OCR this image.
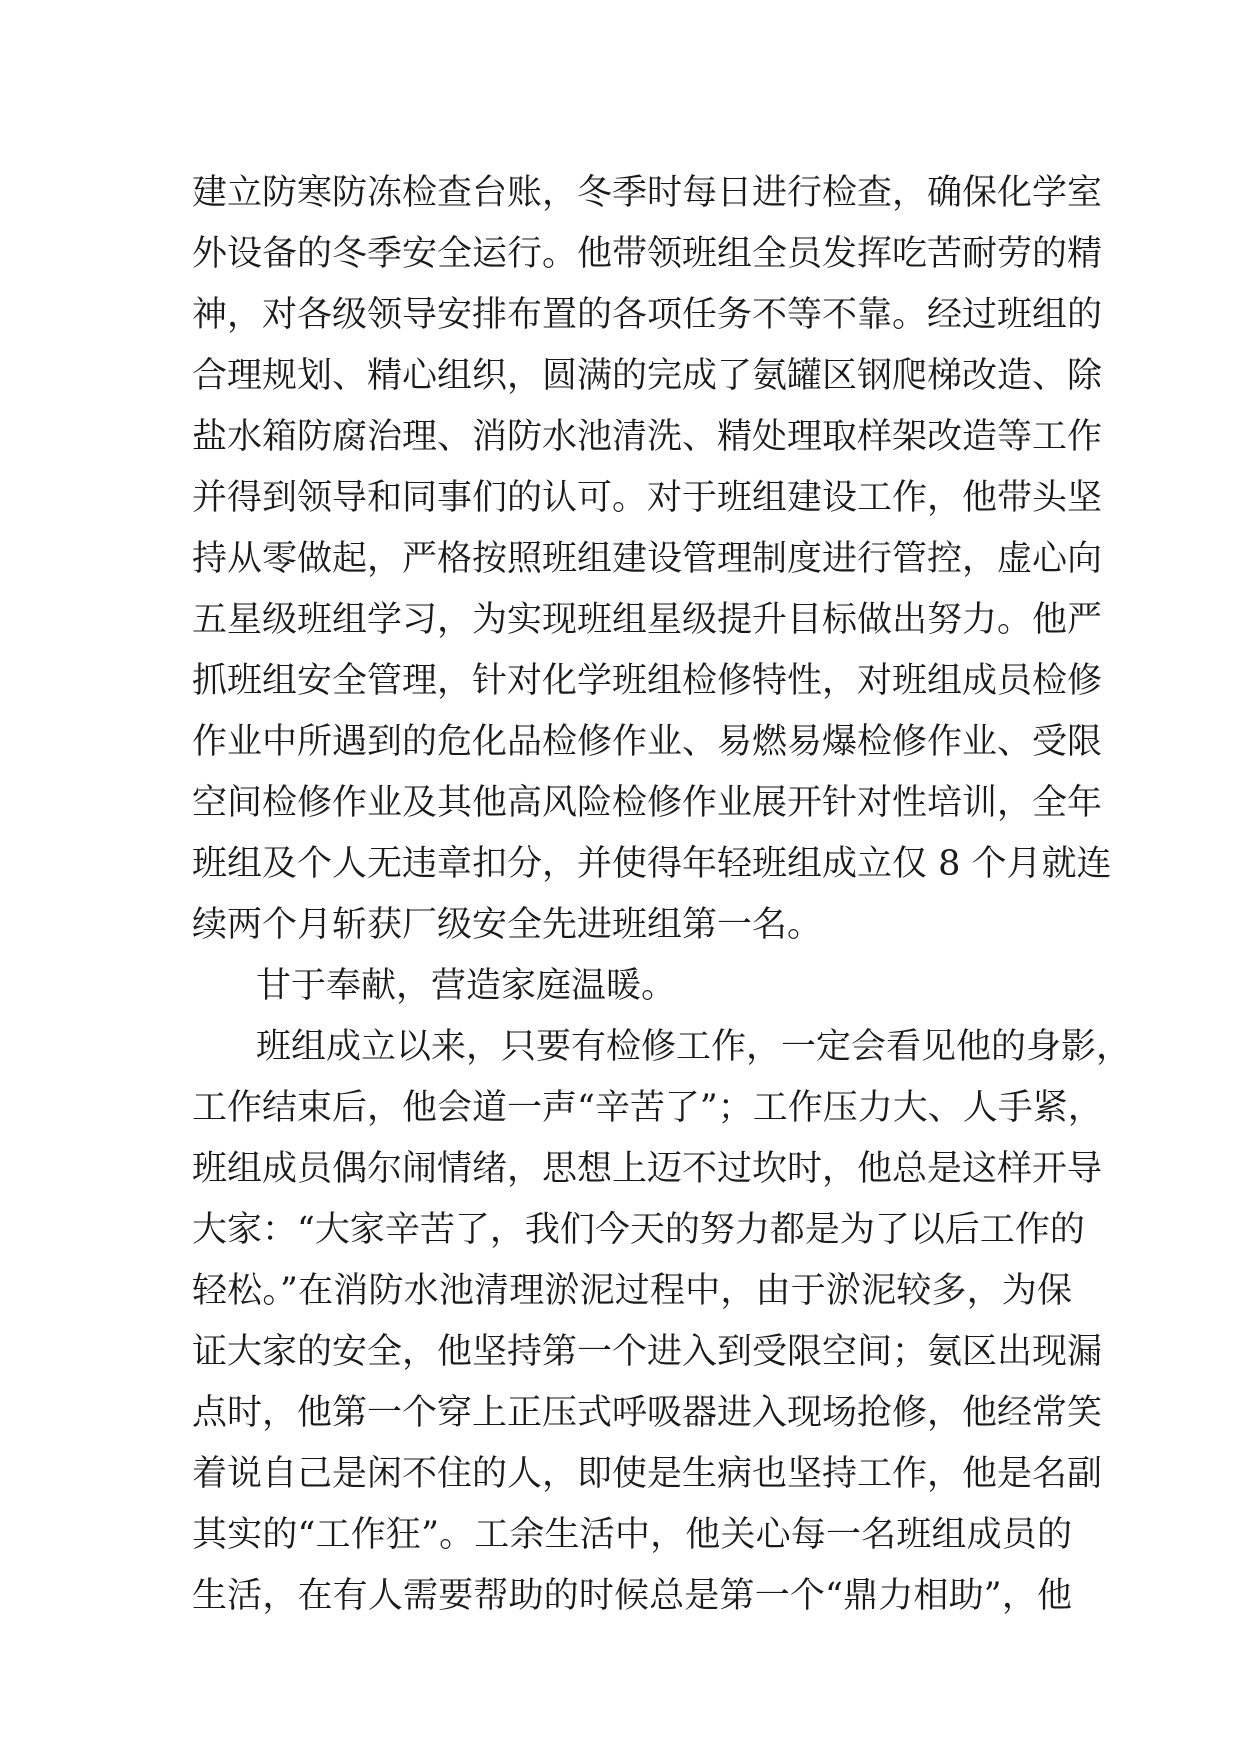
建立防寒防冻检查台账，冬季时每日进行检查，确保化学室
外设备的冬季安全运行。他带领班组全员发挥吃苦耐劳的精
神，对各级领导安排布置的各项任务不等不靠。经过班组的
合理规划、精心组织，圆满的完成了氨罐区钢爬梯改造、除
盐水箱防腐治理、消防水池清洗、精处理取样架改造等工作
并得到领导和同事们的认可。对于班组建设工作，他带头坚
持从零做起，严格按照班组建设管理制度进行管控，虚心向
五星级班组学习，为实现班组星级提升目标做出努力。他严
抓班组安全管理，针对化学班组检修特性，对班组成员检修
作业中所遇到的危化品检修作业、易燃易爆检修作业、受限
空间检修作业及其他高风险检修作业展开针对性培训，全年
班组及个人无违章扣分，并使得年轻班组成立仅 8 个月就连
续两个月斩获厂级安全先进班组第一名。
甘于奉献，营造家庭温暖。
班组成立以来，只要有检修工作，一定会看见他的身影，
工作结束后，他会道一声“辛苦了”；工作压力大、人手紧，
班组成员偶尔闹情绪，思想上迈不过坎时，他总是这样开导
大家：“大家辛苦了，我们今天的努力都是为了以后工作的
轻松。”在消防水池清理淤泥过程中，由于淤泥较多，为保
证大家的安全，他坚持第一个进入到受限空间；氨区出现漏
点时，他第一个穿上正压式呼吸器进入现场抢修，他经常笑
着说自己是闲不住的人，即使是生病也坚持工作，他是名副
其实的“工作狂”。工余生活中，他关心每一名班组成员的
生活，在有人需要帮助的时候总是第一个“鼎力相助”，他
